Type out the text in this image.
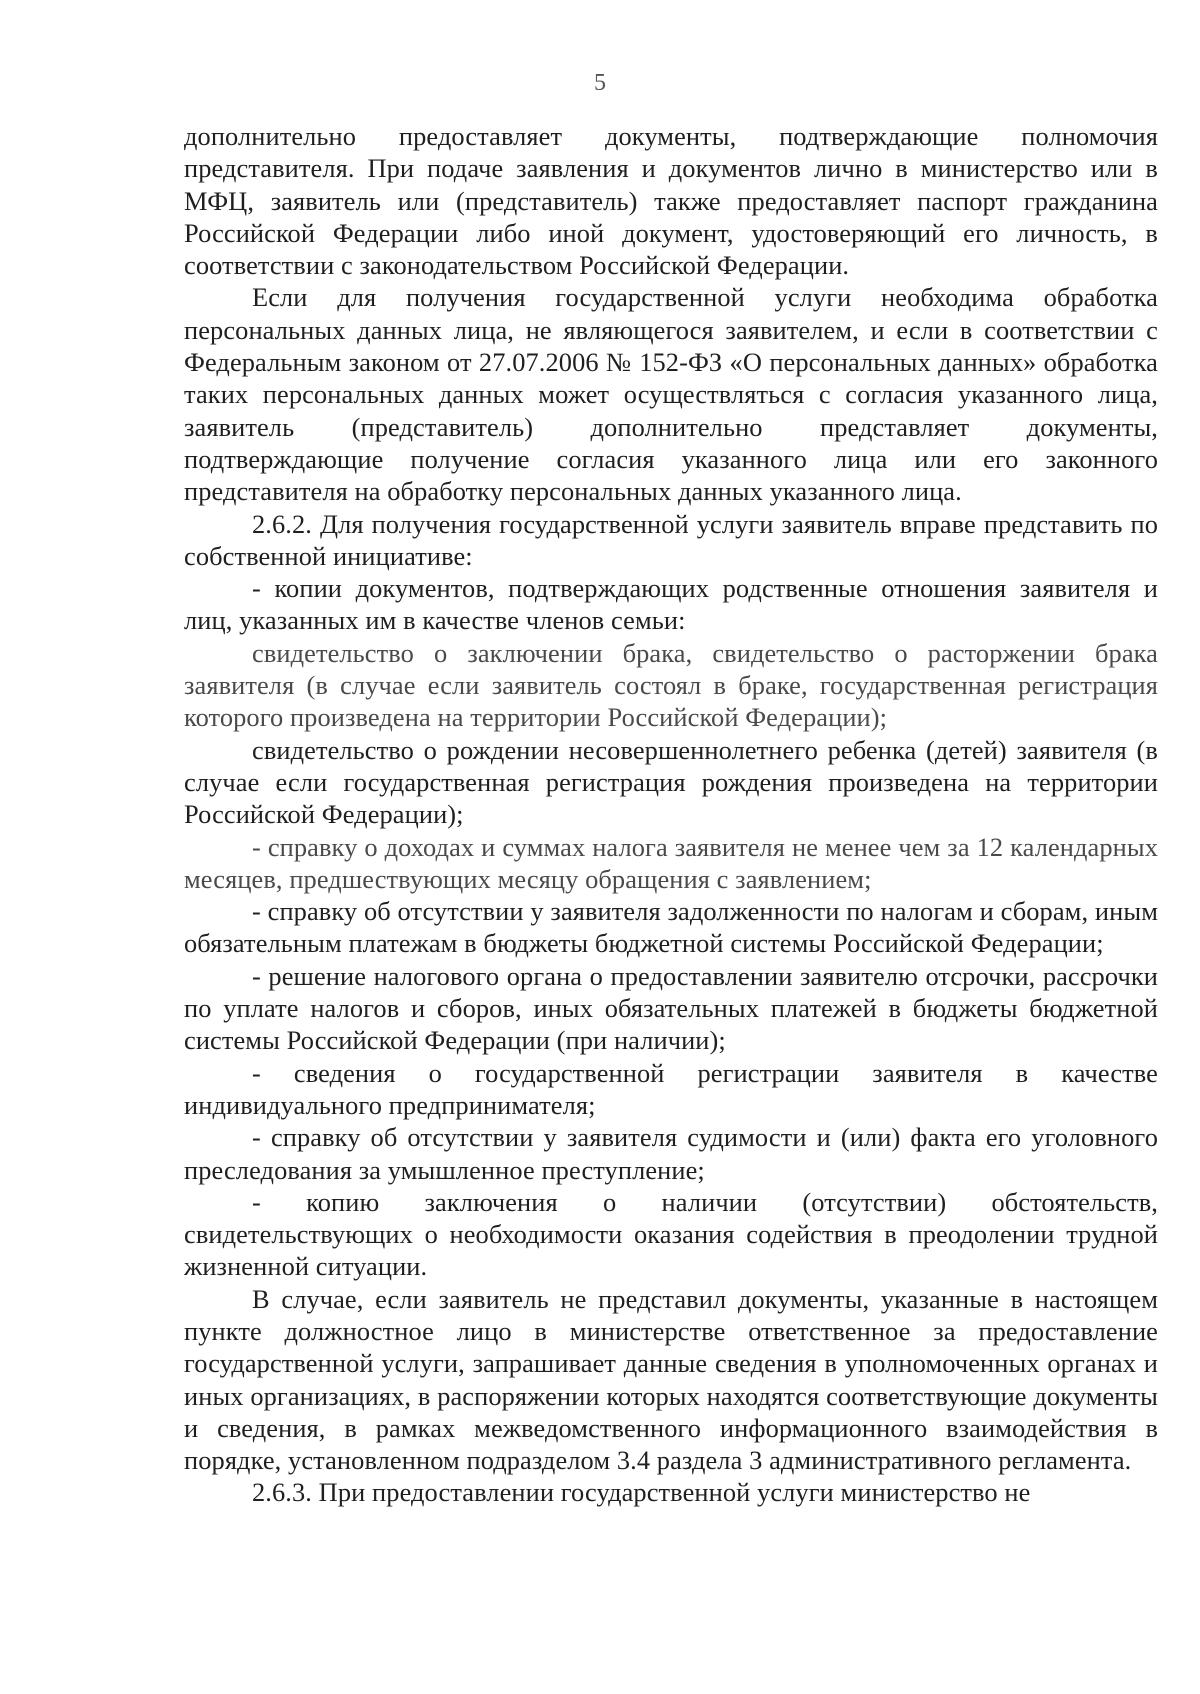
5

дополнительно предоставляет документы, подтверждающие полномочия представителя. При подаче заявления и документов лично в министерство или в МФЦ, заявитель или (представитель) также предоставляет паспорт гражданина Российской Федерации либо иной документ, удостоверяющий его личность, в соответствии с законодательством Российской Федерации.

Если для получения государственной услуги необходима обработка персональных данных лица, не являющегося заявителем, и если в соответствии с Федеральным законом от 27.07.2006 № 152-ФЗ «О персональных данных» обработка таких персональных данных может осуществляться с согласия указанного лица, заявитель (представитель) дополнительно представляет документы, подтверждающие получение согласия указанного лица или его законного представителя на обработку персональных данных указанного лица.

2.6.2. Для получения государственной услуги заявитель вправе представить по собственной инициативе:

- копии документов, подтверждающих родственные отношения заявителя и лиц, указанных им в качестве членов семьи:

свидетельство о заключении брака, свидетельство о расторжении брака заявителя (в случае если заявитель состоял в браке, государственная регистрация которого произведена на территории Российской Федерации);

свидетельство о рождении несовершеннолетнего ребенка (детей) заявителя (в случае если государственная регистрация рождения произведена на территории Российской Федерации);

- справку о доходах и суммах налога заявителя не менее чем за 12 календарных месяцев, предшествующих месяцу обращения с заявлением;

- справку об отсутствии у заявителя задолженности по налогам и сборам, иным обязательным платежам в бюджеты бюджетной системы Российской Федерации;

- решение налогового органа о предоставлении заявителю отсрочки, рассрочки по уплате налогов и сборов, иных обязательных платежей в бюджеты бюджетной системы Российской Федерации (при наличии);

- сведения о государственной регистрации заявителя в качестве индивидуального предпринимателя;

- справку об отсутствии у заявителя судимости и (или) факта его уголовного преследования за умышленное преступление;

- копию заключения о наличии (отсутствии) обстоятельств, свидетельствующих о необходимости оказания содействия в преодолении трудной жизненной ситуации.

В случае, если заявитель не представил документы, указанные в настоящем пункте должностное лицо в министерстве ответственное за предоставление государственной услуги, запрашивает данные сведения в уполномоченных органах и иных организациях, в распоряжении которых находятся соответствующие документы и сведения, в рамках межведомственного информационного взаимодействия в порядке, установленном подразделом 3.4 раздела 3 административного регламента.

2.6.3. При предоставлении государственной услуги министерство не
